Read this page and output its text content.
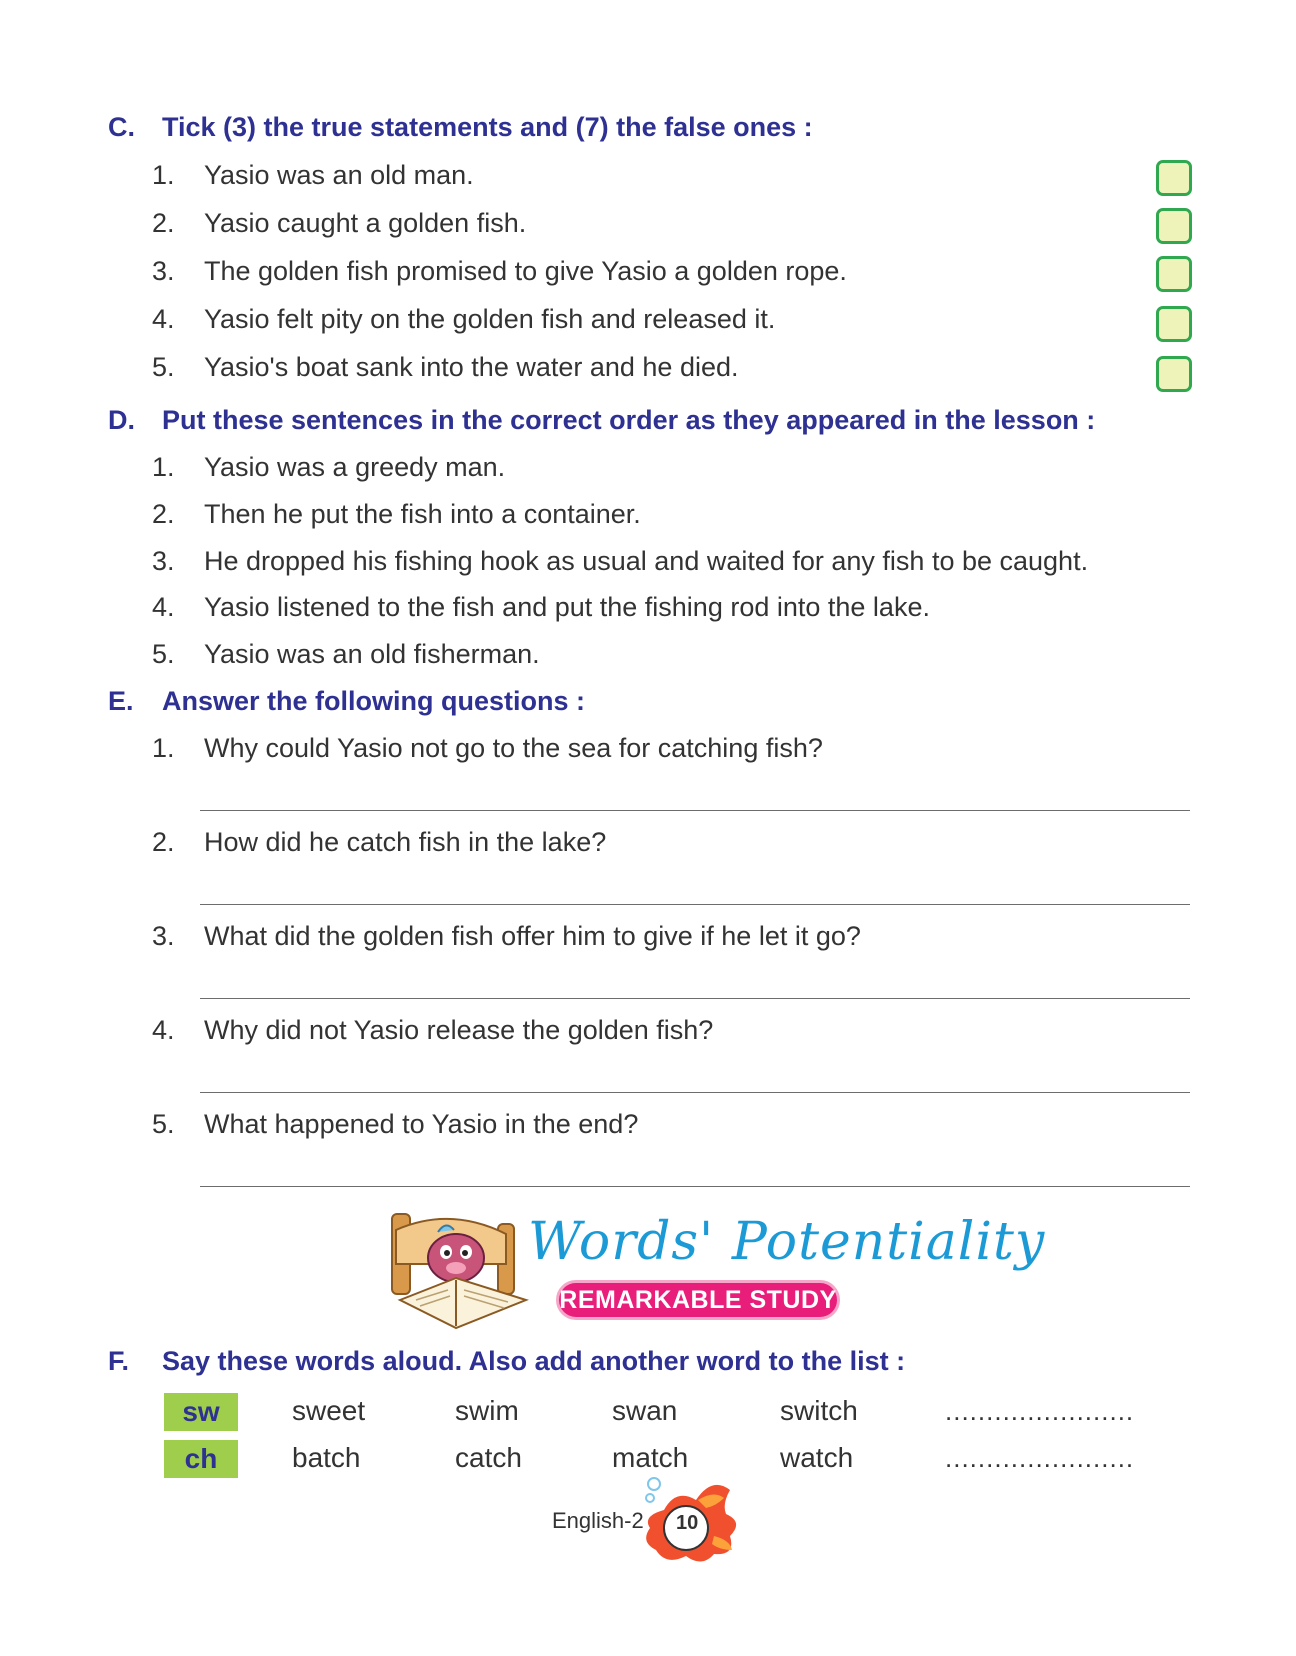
C. Tick (3) the true statements and (7) the false ones :
1. Yasio was an old man.
2. Yasio caught a golden fish.
3. The golden fish promised to give Yasio a golden rope.
4. Yasio felt pity on the golden fish and released it.
5. Yasio's boat sank into the water and he died.
D. Put these sentences in the correct order as they appeared in the lesson :
1. Yasio was a greedy man.
2. Then he put the fish into a container.
3. He dropped his fishing hook as usual and waited for any fish to be caught.
4. Yasio listened to the fish and put the fishing rod into the lake.
5. Yasio was an old fisherman.
E. Answer the following questions :
1. Why could Yasio not go to the sea for catching fish?
2. How did he catch fish in the lake?
3. What did the golden fish offer him to give if he let it go?
4. Why did not Yasio release the golden fish?
5. What happened to Yasio in the end?
Words' Potentiality
REMARKABLE STUDY
F. Say these words aloud. Also add another word to the list :
sw	sweet	swim	swan	switch	.......................
ch	batch	catch	match	watch	.......................
English-2 10
